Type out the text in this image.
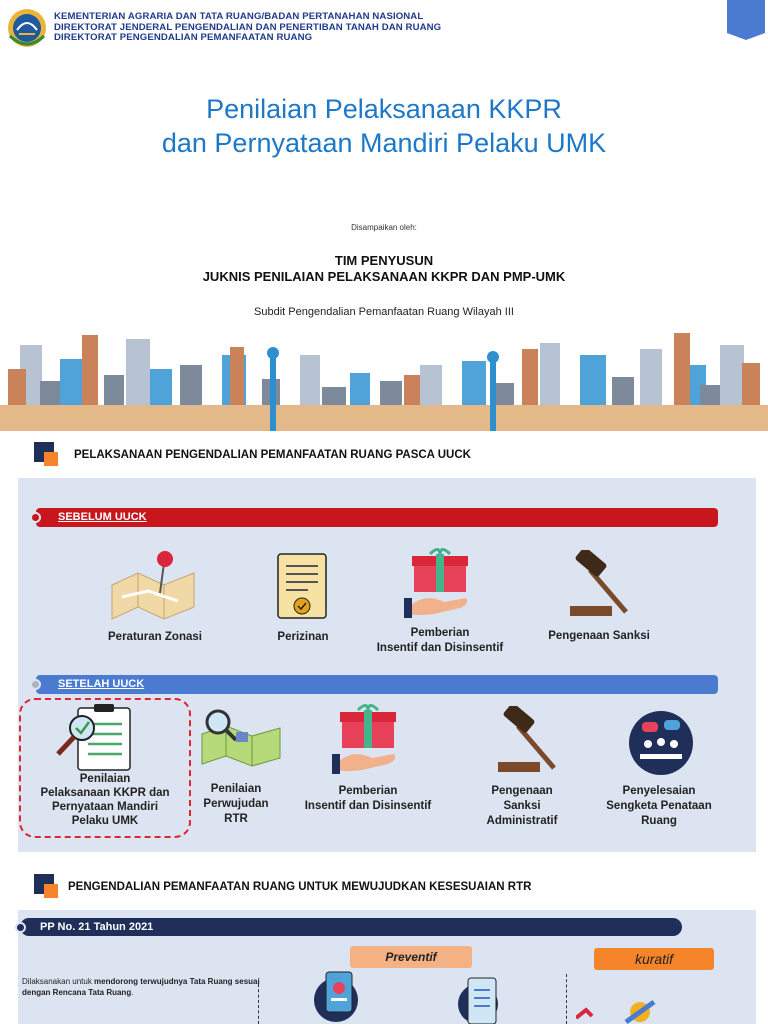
KEMENTERIAN AGRARIA DAN TATA RUANG/BADAN PERTANAHAN NASIONAL
DIREKTORAT JENDERAL PENGENDALIAN DAN PENERTIBAN TANAH DAN RUANG
DIREKTORAT PENGENDALIAN PEMANFAATAN RUANG
Penilaian Pelaksanaan KKPR
dan Pernyataan Mandiri Pelaku UMK
Disampaikan oleh:
TIM PENYUSUN
JUKNIS PENILAIAN PELAKSANAAN KKPR DAN PMP-UMK
Subdit Pengendalian Pemanfaatan Ruang Wilayah III
PELAKSANAAN PENGENDALIAN PEMANFAATAN RUANG PASCA UUCK
SEBELUM UUCK
Peraturan Zonasi	Perizinan	Pemberian
Insentif dan Disinsentif
Pengenaan Sanksi
SETELAH UUCK
Penilaian
Pelaksanaan KKPR dan
Pernyataan Mandiri
Pelaku UMK
Penilaian
Perwujudan
RTR
Pemberian
Insentif dan Disinsentif
Pengenaan
Sanksi
Administratif
Penyelesaian
Sengketa Penataan
Ruang
PENGENDALIAN PEMANFAATAN RUANG UNTUK MEWUJUDKAN KESESUAIAN RTR
PP No. 21 Tahun 2021
Preventif	kuratif
Dilaksanakan untuk mendorong terwujudnya Tata Ruang sesuai dengan Rencana Tata Ruang.
